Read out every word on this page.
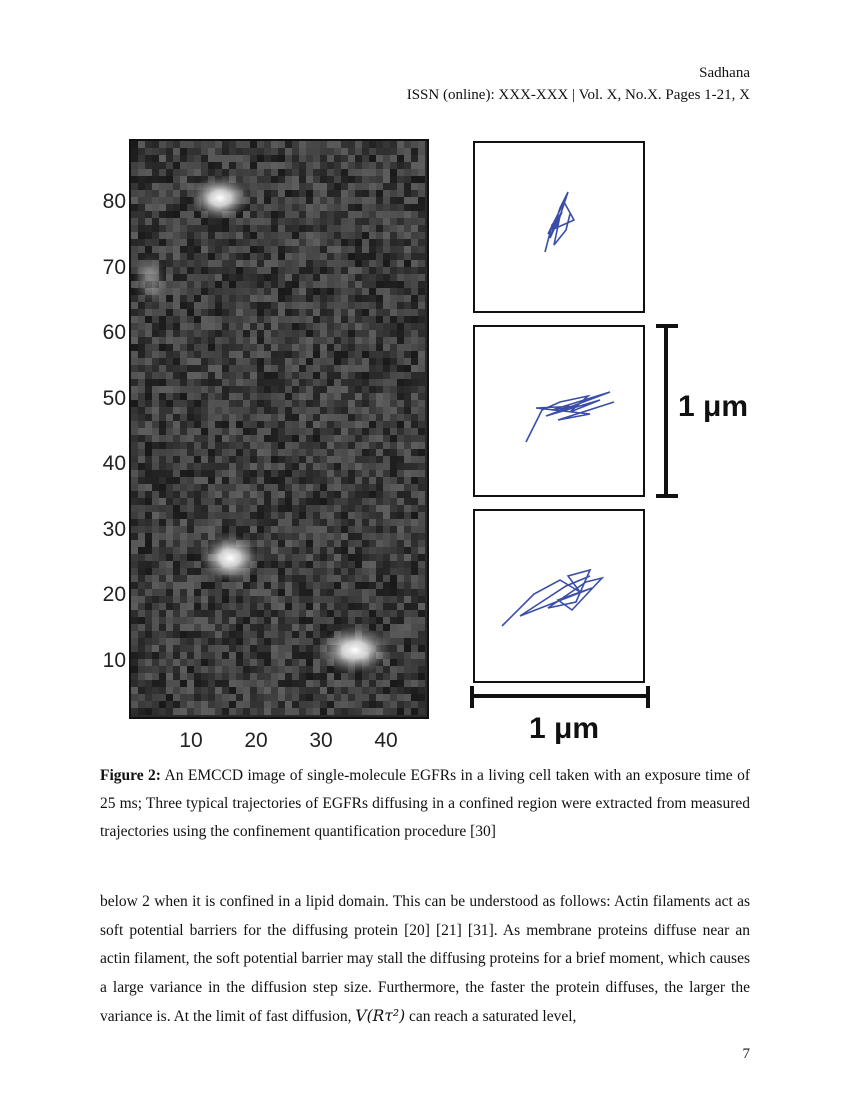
Sadhana
ISSN (online): XXX-XXX | Vol. X, No.X. Pages 1-21, X
80
70
60
50
40
30
20
10
10 20 30 40
1 μm
1 μm
Figure 2: An EMCCD image of single-molecule EGFRs in a living cell taken with an exposure time of 25 ms; Three typical trajectories of EGFRs diffusing in a confined region were extracted from measured trajectories using the confinement quantification procedure [30]

below 2 when it is confined in a lipid domain. This can be understood as follows: Actin filaments act as soft potential barriers for the diffusing protein [20] [21] [31]. As membrane proteins diffuse near an actin filament, the soft potential barrier may stall the diffusing proteins for a brief moment, which causes a large variance in the diffusion step size. Furthermore, the faster the protein diffuses, the larger the variance is. At the limit of fast diffusion, V(Rτ²) can reach a saturated level,

7
